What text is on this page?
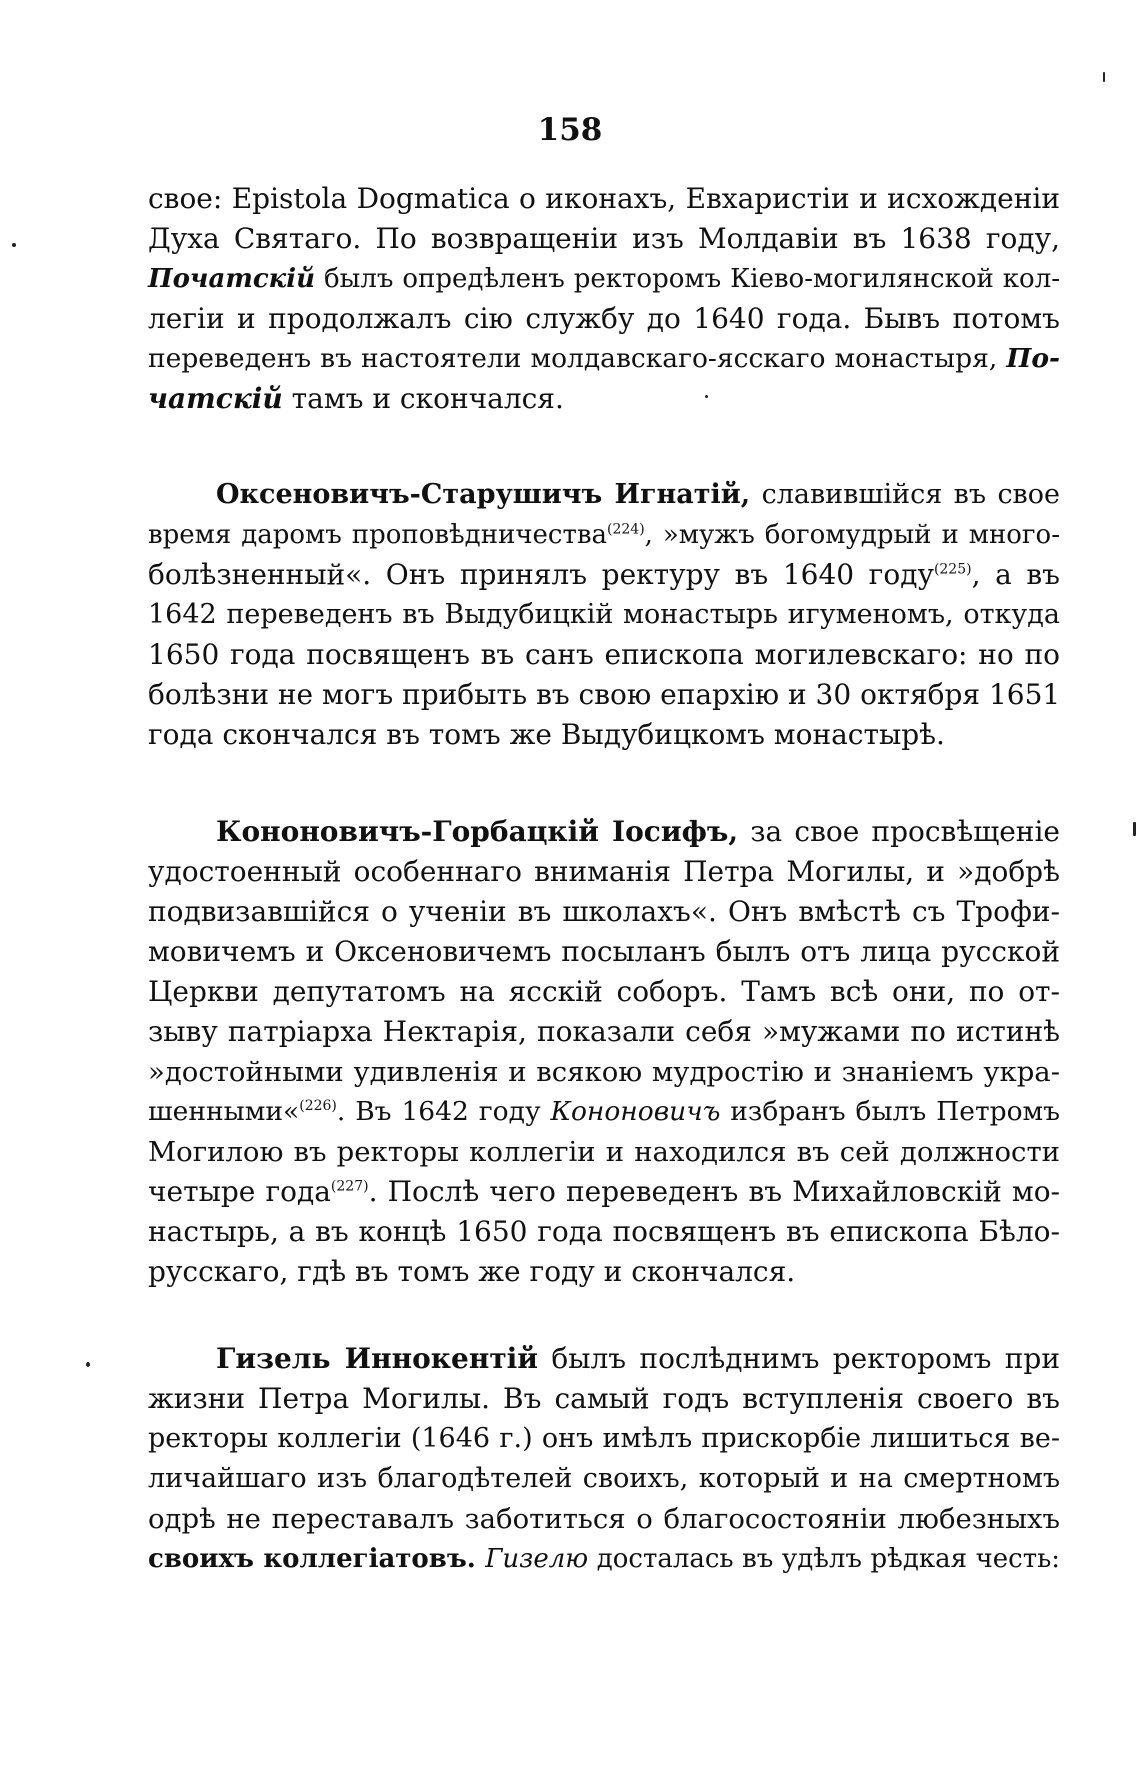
158
своe: Epistola Dogmatica о иконахъ, Евхаристіи и исхожденіи
Духа Святаго. По возвращеніи изъ Молдавіи въ 1638 году,
Початскій былъ опредѣленъ ректоромъ Кіево-могилянской кол-
легіи и продолжалъ сію службу до 1640 года. Бывъ потомъ
переведенъ въ настоятели молдавскаго-ясскаго монастыря, По-
чатскій тамъ и скончался.
Оксеновичъ-Старушичъ Игнатій, славившійся въ свое
время даромъ проповѣдничества$^{(224)}$, »мужъ богомудрый и много-
болѣзненный«. Онъ принялъ ректуру въ 1640 году$^{(225)}$, а въ
1642 переведенъ въ Выдубицкій монастырь игуменомъ, откуда
1650 года посвященъ въ санъ епископа могилевскаго: но по
болѣзни не могъ прибыть въ свою епархію и 30 октября 1651
года скончался въ томъ же Выдубицкомъ монастырѣ.
Кононовичъ-Горбацкій Іосифъ, за свое просвѣщеніе
удостоенный особеннаго вниманія Петра Могилы, и »добрѣ
подвизавшійся о ученіи въ школахъ«. Онъ вмѣстѣ съ Трофи-
мовичемъ и Оксеновичемъ посыланъ былъ отъ лица русской
Церкви депутатомъ на ясскій соборъ. Тамъ всѣ они, по от-
зыву патріарха Нектарія, показали себя »мужами по истинѣ
»достойными удивленія и всякою мудростію и знаніемъ укра-
шенными«$^{(226)}$. Въ 1642 году Кононовичъ избранъ былъ Петромъ
Могилою въ ректоры коллегіи и находился въ сей должности
четыре года$^{(227)}$. Послѣ чего переведенъ въ Михайловскій мо-
настырь, а въ концѣ 1650 года посвященъ въ епископа Бѣло-
русскаго, гдѣ въ томъ же году и скончался.
Гизель Иннокентій былъ послѣднимъ ректоромъ при
жизни Петра Могилы. Въ самый годъ вступленія своего въ
ректоры коллегіи (1646 г.) онъ имѣлъ прискорбіе лишиться ве-
личайшаго изъ благодѣтелей своихъ, который и на смертномъ
одрѣ не переставалъ заботиться о благосостояніи любезныхъ
своихъ коллегіатовъ. Гизелю досталась въ удѣлъ рѣдкая честь:
